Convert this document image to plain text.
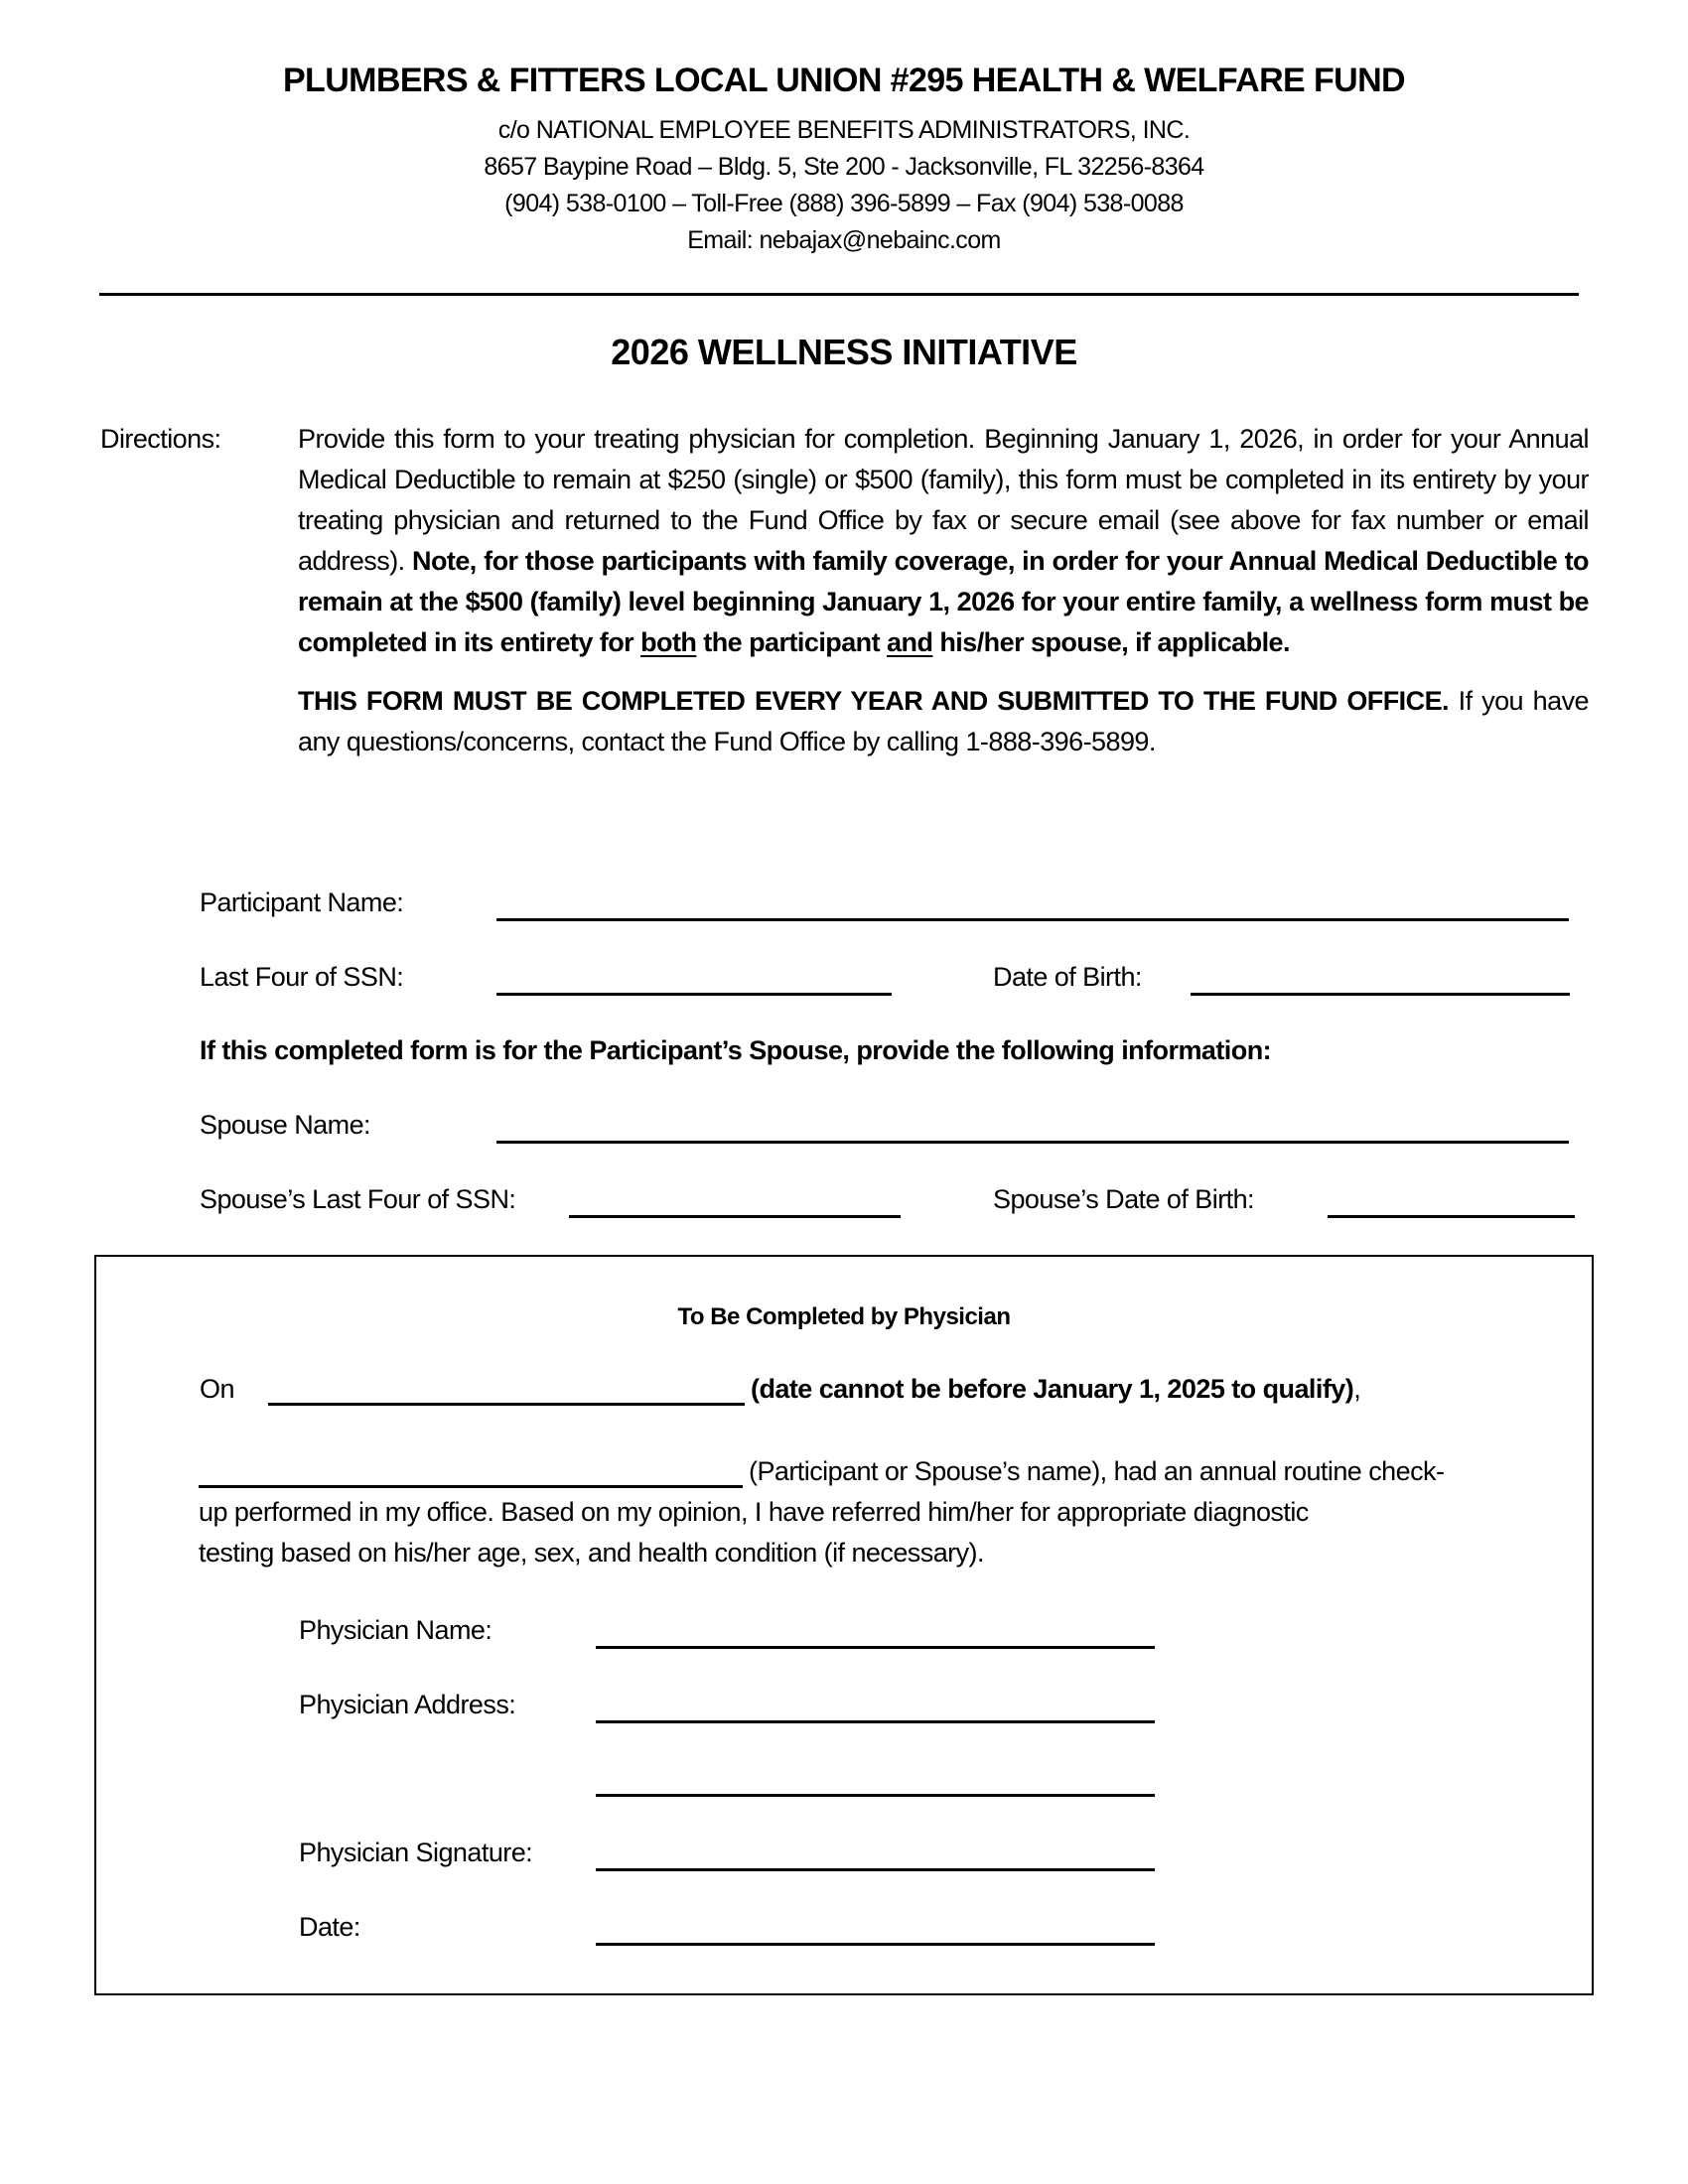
PLUMBERS & FITTERS LOCAL UNION #295 HEALTH & WELFARE FUND
c/o NATIONAL EMPLOYEE BENEFITS ADMINISTRATORS, INC.
8657 Baypine Road – Bldg. 5, Ste 200 - Jacksonville, FL 32256-8364
(904) 538-0100 – Toll-Free (888) 396-5899 – Fax (904) 538-0088
Email: nebajax@nebainc.com
2026 WELLNESS INITIATIVE
Directions:	Provide this form to your treating physician for completion. Beginning January 1, 2026, in order for your Annual Medical Deductible to remain at $250 (single) or $500 (family), this form must be completed in its entirety by your treating physician and returned to the Fund Office by fax or secure email (see above for fax number or email address). Note, for those participants with family coverage, in order for your Annual Medical Deductible to remain at the $500 (family) level beginning January 1, 2026 for your entire family, a wellness form must be completed in its entirety for both the participant and his/her spouse, if applicable.

THIS FORM MUST BE COMPLETED EVERY YEAR AND SUBMITTED TO THE FUND OFFICE. If you have any questions/concerns, contact the Fund Office by calling 1-888-396-5899.

Participant Name:
Last Four of SSN:	Date of Birth:
If this completed form is for the Participant’s Spouse, provide the following information:
Spouse Name:
Spouse’s Last Four of SSN:	Spouse’s Date of Birth:
To Be Completed by Physician
On	(date cannot be before January 1, 2025 to qualify),
(Participant or Spouse’s name), had an annual routine check-
up performed in my office. Based on my opinion, I have referred him/her for appropriate diagnostic
testing based on his/her age, sex, and health condition (if necessary).
Physician Name:
Physician Address:
Physician Signature:
Date:
